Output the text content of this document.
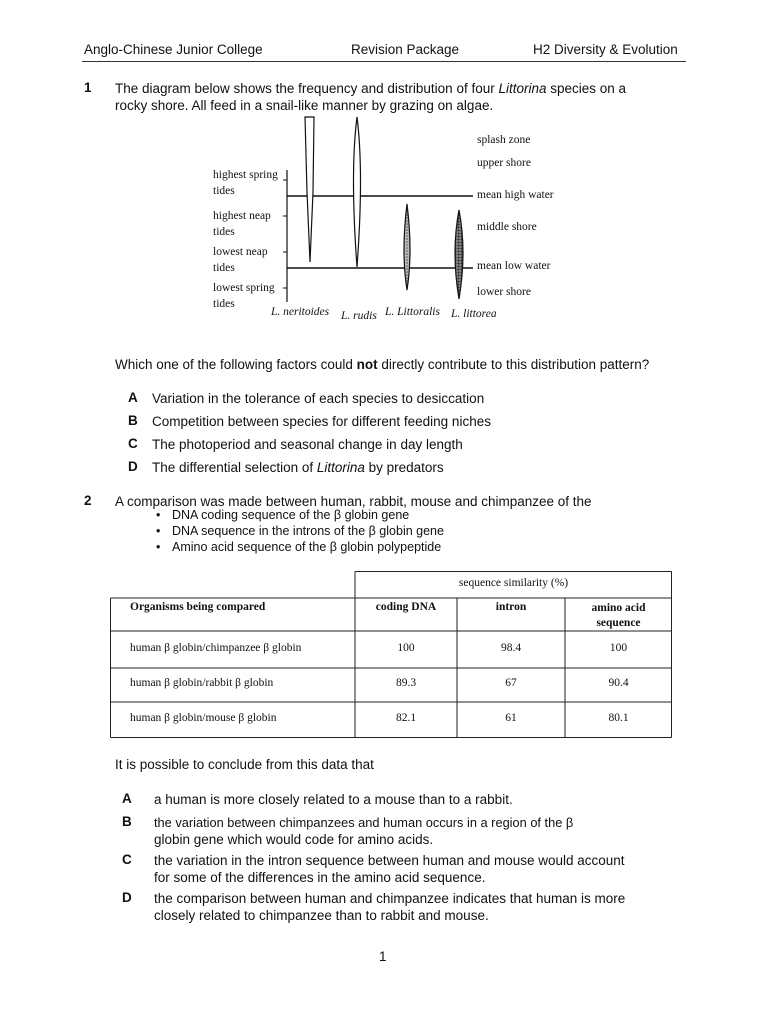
Anglo-Chinese Junior College	Revision Package	H2 Diversity & Evolution
1 The diagram below shows the frequency and distribution of four Littorina species on a
rocky shore. All feed in a snail-like manner by grazing on algae.
highest spring
tides
highest neap
tides
lowest neap
tides
lowest spring
tides
splash zone
upper shore
mean high water
middle shore
mean low water
lower shore
L. neritoides L. rudis L. Littoralis L. littorea
Which one of the following factors could not directly contribute to this distribution pattern?
A Variation in the tolerance of each species to desiccation
B Competition between species for different feeding niches
C The photoperiod and seasonal change in day length
D The differential selection of Littorina by predators
2 A comparison was made between human, rabbit, mouse and chimpanzee of the
• DNA coding sequence of the β globin gene
• DNA sequence in the introns of the β globin gene
• Amino acid sequence of the β globin polypeptide
sequence similarity (%)
Organisms being compared	coding DNA	intron	amino acid
sequence
human β globin/chimpanzee β globin	100	98.4	100
human β globin/rabbit β globin	89.3	67	90.4
human β globin/mouse β globin	82.1	61	80.1
It is possible to conclude from this data that
A a human is more closely related to a mouse than to a rabbit.
B the variation between chimpanzees and human occurs in a region of the β
globin gene which would code for amino acids.
C the variation in the intron sequence between human and mouse would account
for some of the differences in the amino acid sequence.
D the comparison between human and chimpanzee indicates that human is more
closely related to chimpanzee than to rabbit and mouse.
1
